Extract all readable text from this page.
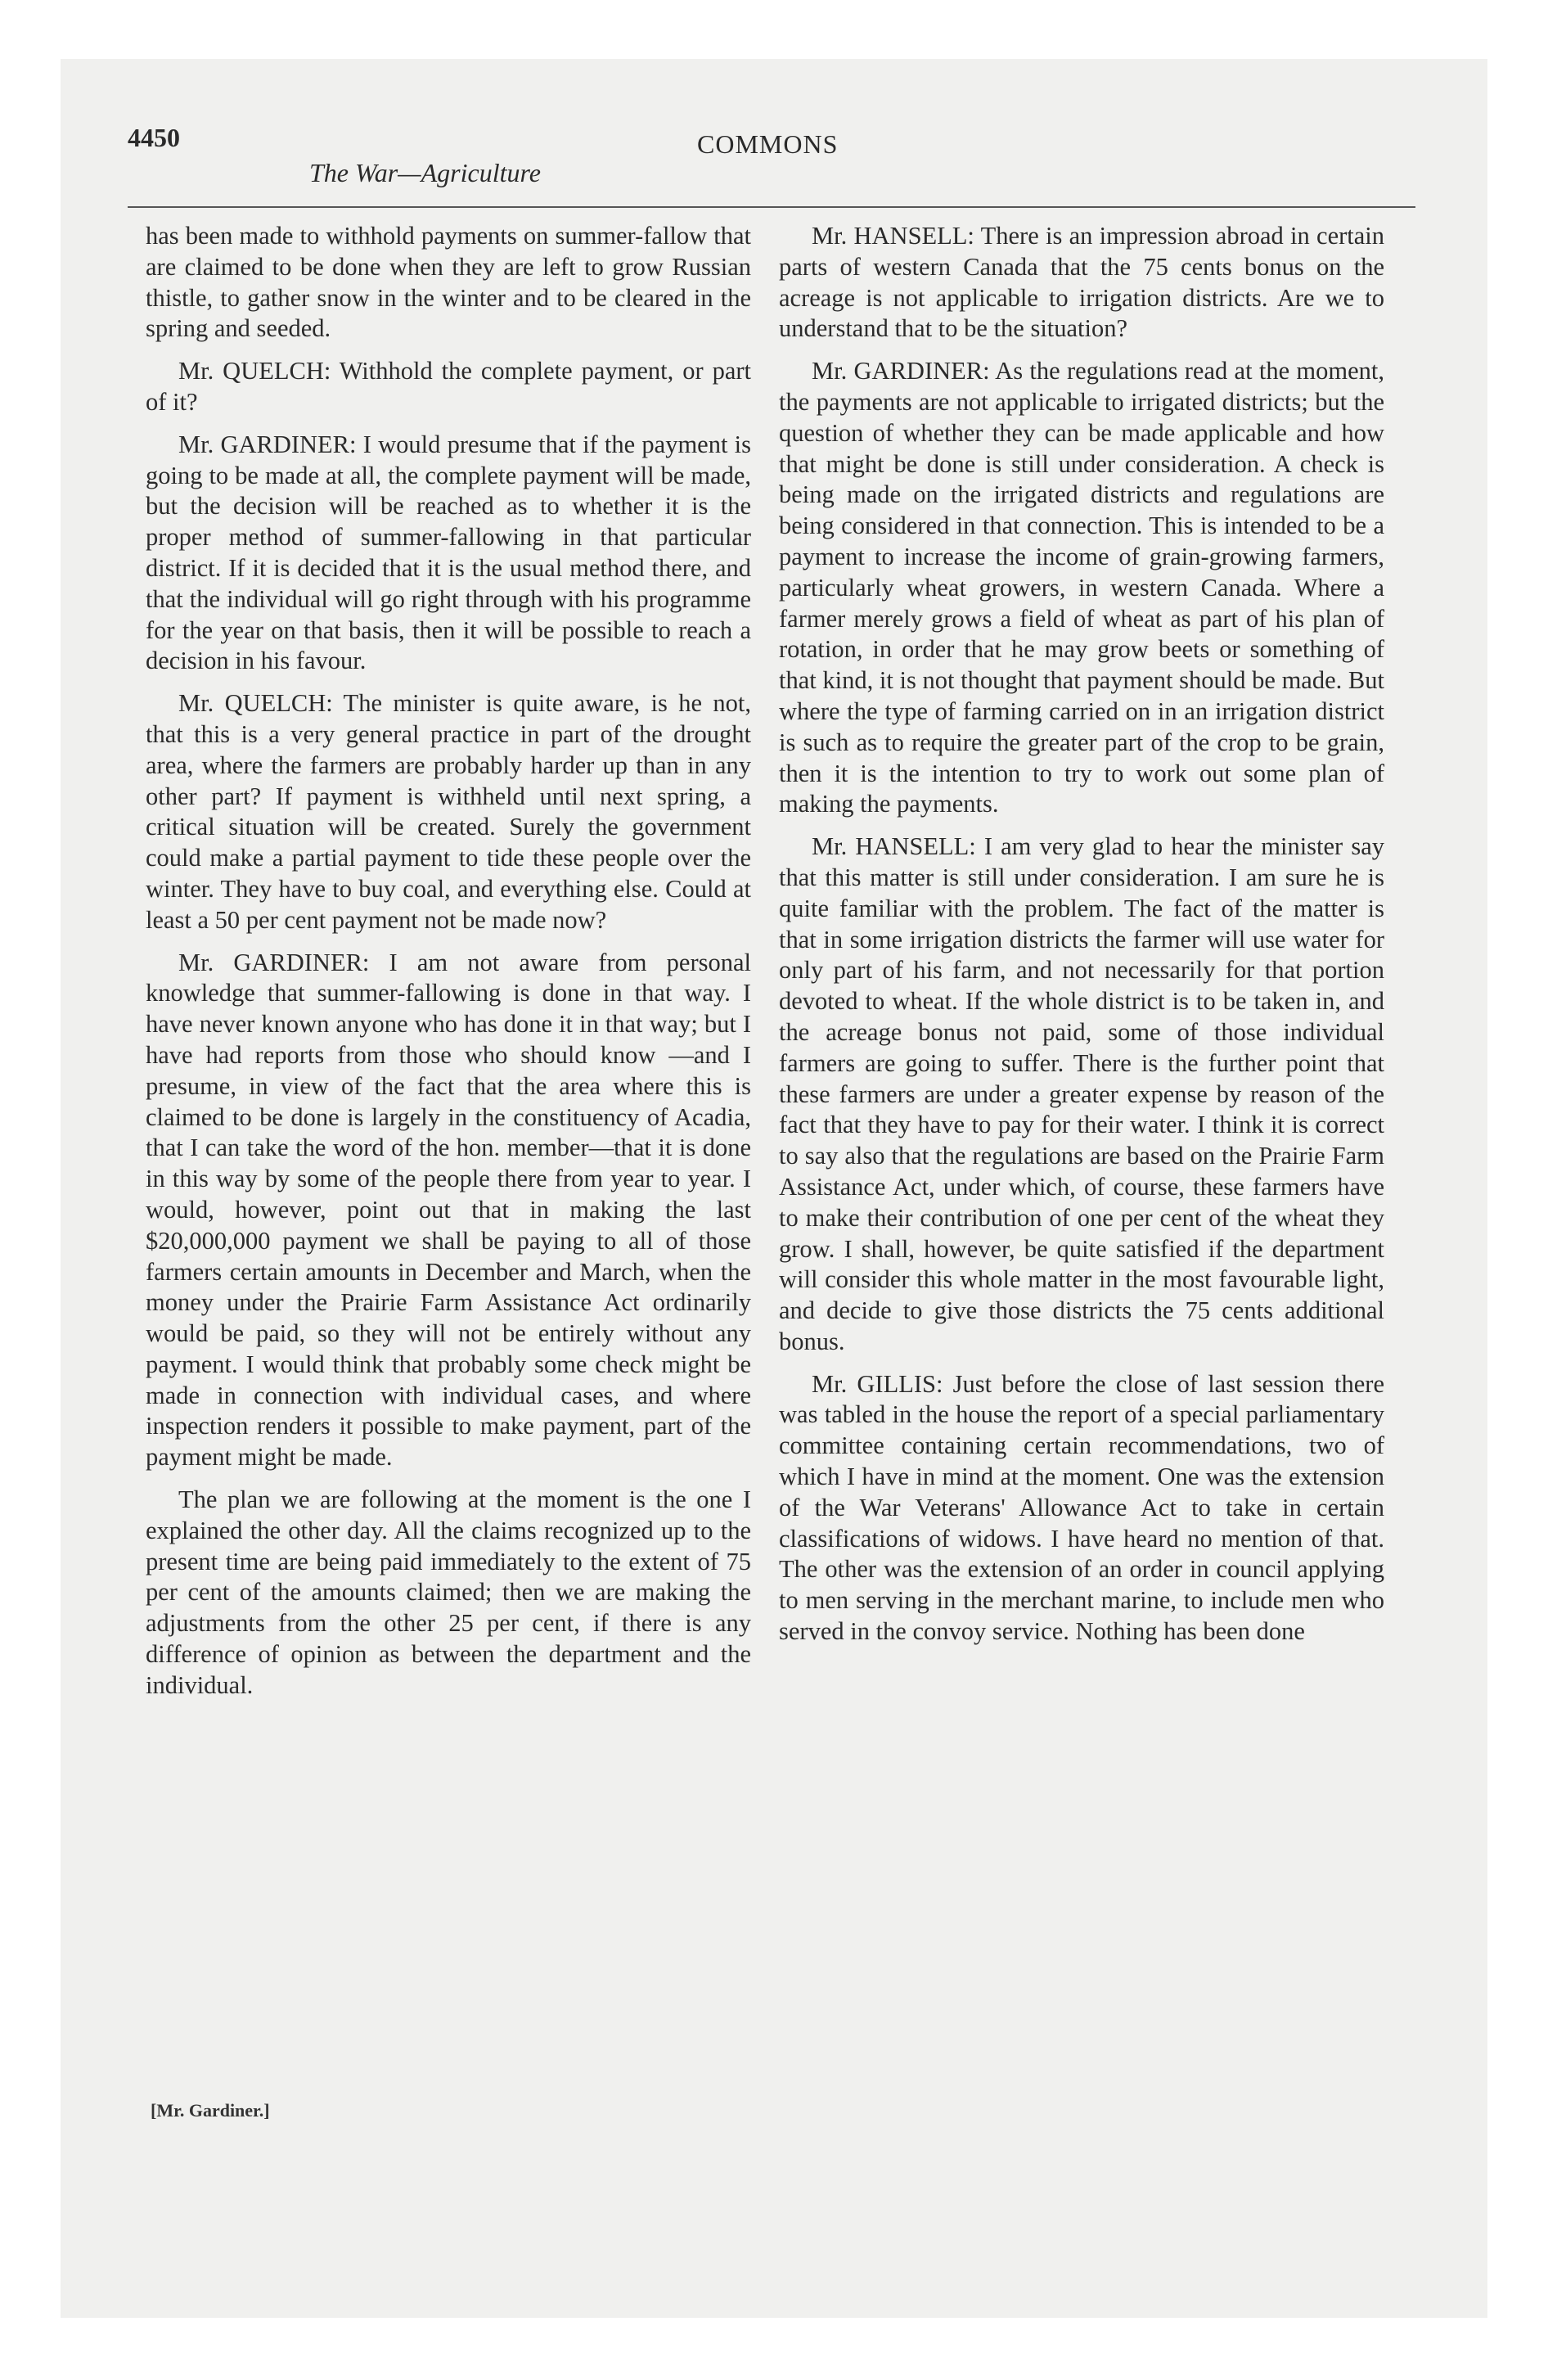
4450	COMMONS
The War—Agriculture

has been made to withhold payments on summer-fallow that are claimed to be done when they are left to grow Russian thistle, to gather snow in the winter and to be cleared in the spring and seeded.

Mr. QUELCH: Withhold the complete payment, or part of it?

Mr. GARDINER: I would presume that if the payment is going to be made at all, the complete payment will be made, but the decision will be reached as to whether it is the proper method of summer-fallowing in that particular district. If it is decided that it is the usual method there, and that the individual will go right through with his programme for the year on that basis, then it will be possible to reach a decision in his favour.

Mr. QUELCH: The minister is quite aware, is he not, that this is a very general practice in part of the drought area, where the farmers are probably harder up than in any other part? If payment is withheld until next spring, a critical situation will be created. Surely the government could make a partial payment to tide these people over the winter. They have to buy coal, and everything else. Could at least a 50 per cent payment not be made now?

Mr. GARDINER: I am not aware from personal knowledge that summer-fallowing is done in that way. I have never known anyone who has done it in that way; but I have had reports from those who should know —and I presume, in view of the fact that the area where this is claimed to be done is largely in the constituency of Acadia, that I can take the word of the hon. member—that it is done in this way by some of the people there from year to year. I would, however, point out that in making the last $20,000,000 payment we shall be paying to all of those farmers certain amounts in December and March, when the money under the Prairie Farm Assistance Act ordinarily would be paid, so they will not be entirely without any payment. I would think that probably some check might be made in connection with individual cases, and where inspection renders it possible to make payment, part of the payment might be made.

The plan we are following at the moment is the one I explained the other day. All the claims recognized up to the present time are being paid immediately to the extent of 75 per cent of the amounts claimed; then we are making the adjustments from the other 25 per cent, if there is any difference of opinion as between the department and the individual.

Mr. HANSELL: There is an impression abroad in certain parts of western Canada that the 75 cents bonus on the acreage is not applicable to irrigation districts. Are we to understand that to be the situation?

Mr. GARDINER: As the regulations read at the moment, the payments are not applicable to irrigated districts; but the question of whether they can be made applicable and how that might be done is still under consideration. A check is being made on the irrigated districts and regulations are being considered in that connection. This is intended to be a payment to increase the income of grain-growing farmers, particularly wheat growers, in western Canada. Where a farmer merely grows a field of wheat as part of his plan of rotation, in order that he may grow beets or something of that kind, it is not thought that payment should be made. But where the type of farming carried on in an irrigation district is such as to require the greater part of the crop to be grain, then it is the intention to try to work out some plan of making the payments.

Mr. HANSELL: I am very glad to hear the minister say that this matter is still under consideration. I am sure he is quite familiar with the problem. The fact of the matter is that in some irrigation districts the farmer will use water for only part of his farm, and not necessarily for that portion devoted to wheat. If the whole district is to be taken in, and the acreage bonus not paid, some of those individual farmers are going to suffer. There is the further point that these farmers are under a greater expense by reason of the fact that they have to pay for their water. I think it is correct to say also that the regulations are based on the Prairie Farm Assistance Act, under which, of course, these farmers have to make their contribution of one per cent of the wheat they grow. I shall, however, be quite satisfied if the department will consider this whole matter in the most favourable light, and decide to give those districts the 75 cents additional bonus.

Mr. GILLIS: Just before the close of last session there was tabled in the house the report of a special parliamentary committee containing certain recommendations, two of which I have in mind at the moment. One was the extension of the War Veterans' Allowance Act to take in certain classifications of widows. I have heard no mention of that. The other was the extension of an order in council applying to men serving in the merchant marine, to include men who served in the convoy service. Nothing has been done

[Mr. Gardiner.]
